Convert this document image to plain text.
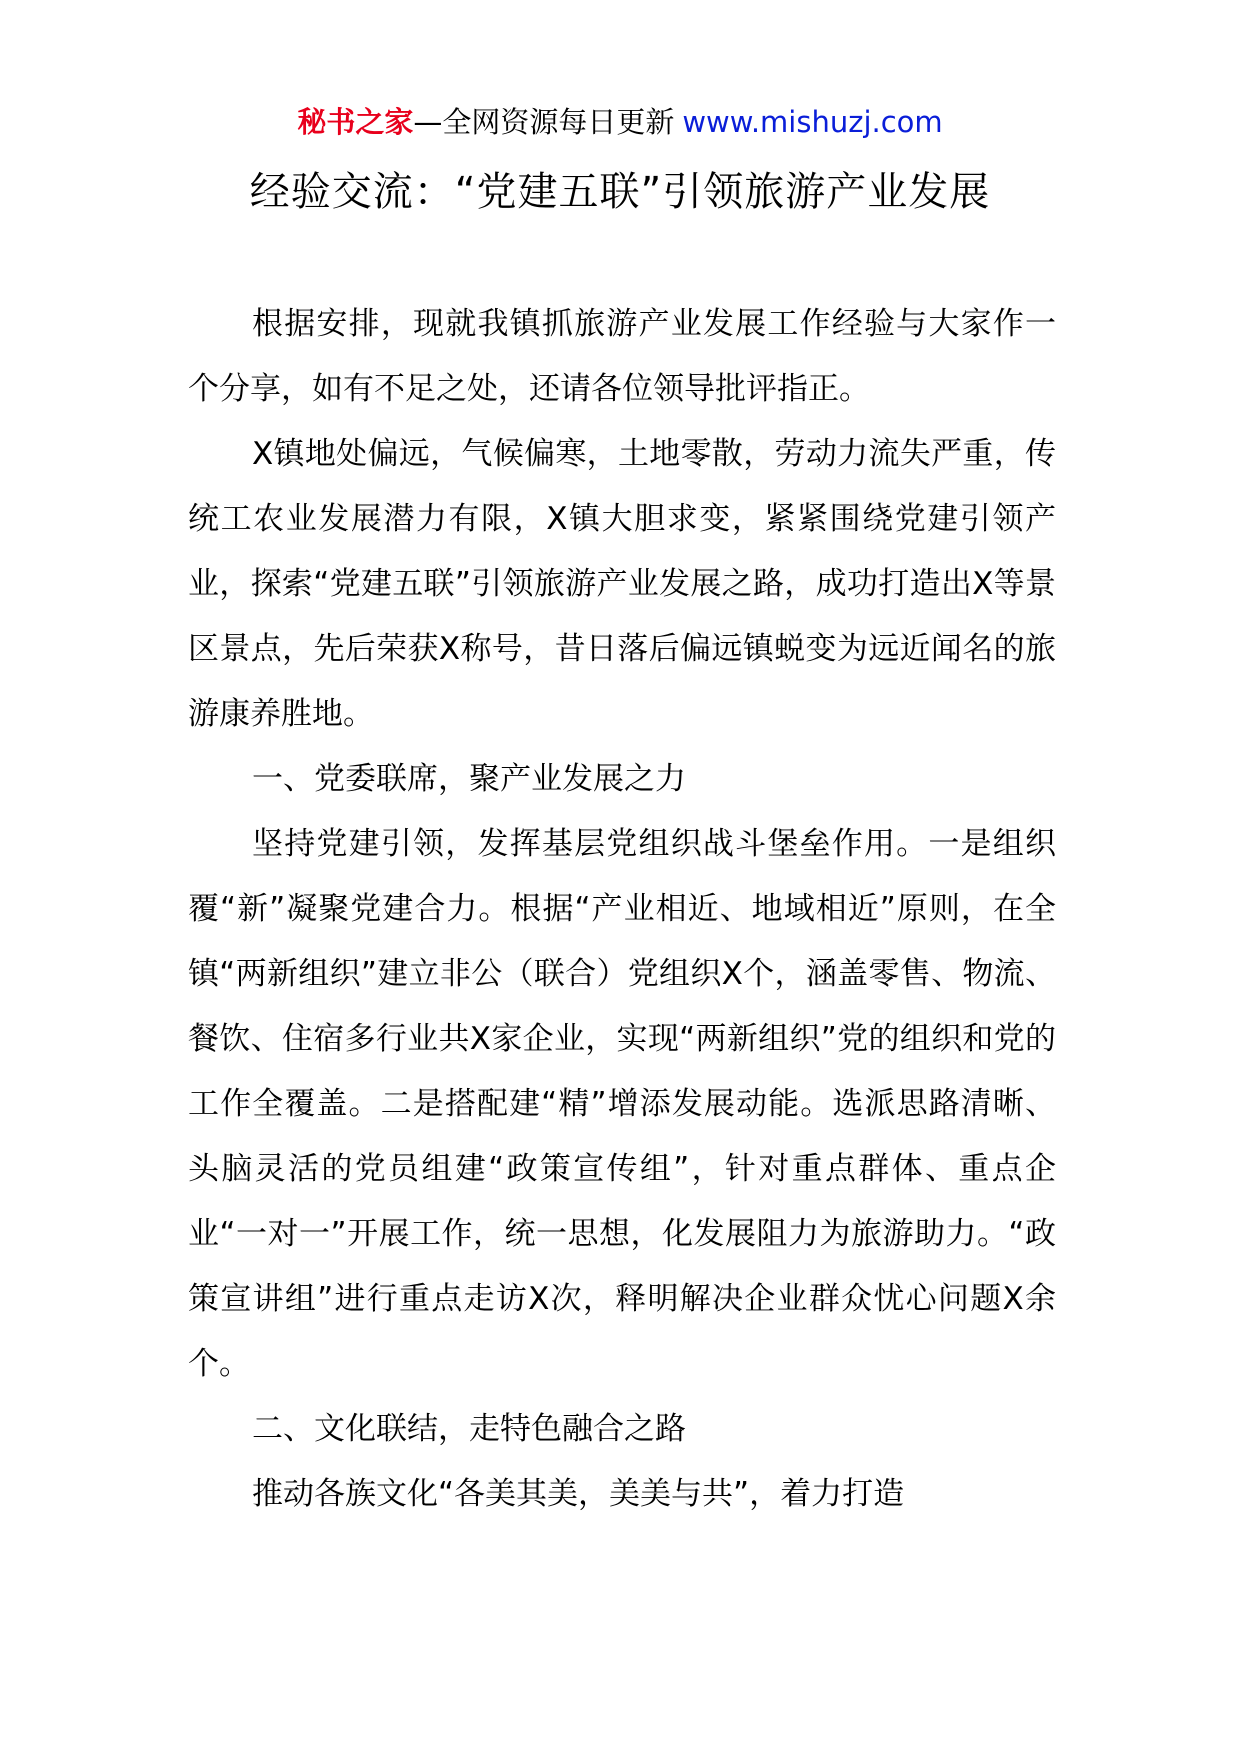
秘书之家—全网资源每日更新 www.mishuzj.com
经验交流：“党建五联”引领旅游产业发展

根据安排，现就我镇抓旅游产业发展工作经验与大家作一个分享，如有不足之处，还请各位领导批评指正。

X镇地处偏远，气候偏寒，土地零散，劳动力流失严重，传统工农业发展潜力有限，X镇大胆求变，紧紧围绕党建引领产业，探索“党建五联”引领旅游产业发展之路，成功打造出X等景区景点，先后荣获X称号，昔日落后偏远镇蜕变为远近闻名的旅游康养胜地。

一、党委联席，聚产业发展之力

坚持党建引领，发挥基层党组织战斗堡垒作用。一是组织覆“新”凝聚党建合力。根据“产业相近、地域相近”原则，在全镇“两新组织”建立非公（联合）党组织X个，涵盖零售、物流、餐饮、住宿多行业共X家企业，实现“两新组织”党的组织和党的工作全覆盖。二是搭配建“精”增添发展动能。选派思路清晰、头脑灵活的党员组建“政策宣传组”，针对重点群体、重点企业“一对一”开展工作，统一思想，化发展阻力为旅游助力。“政策宣讲组”进行重点走访X次，释明解决企业群众忧心问题X余个。

二、文化联结，走特色融合之路

推动各族文化“各美其美，美美与共”，着力打造
